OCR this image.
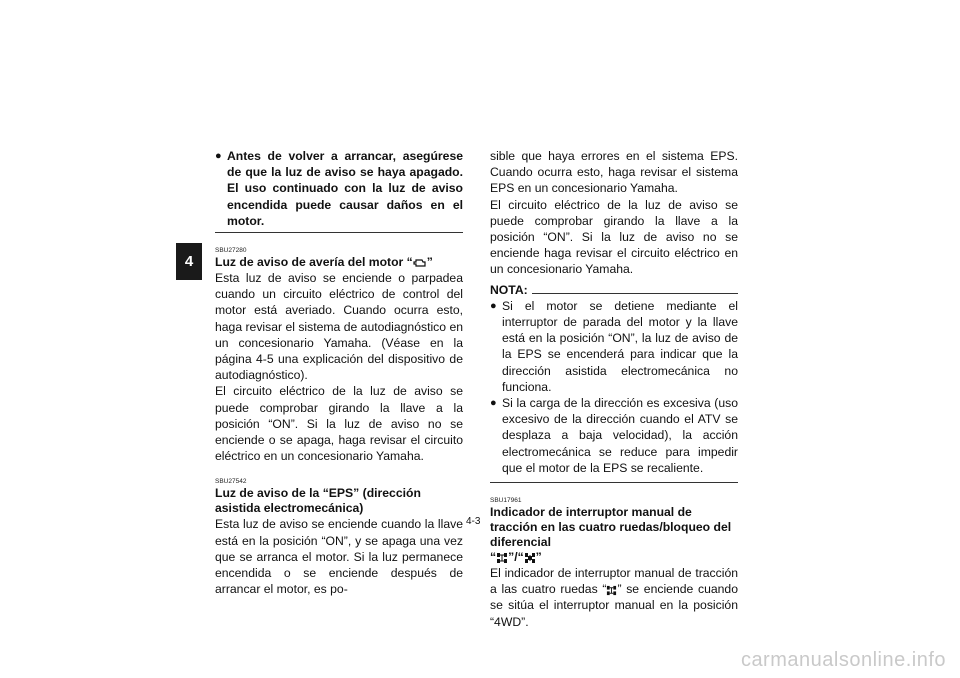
4
● Antes de volver a arrancar, asegúrese de que la luz de aviso se haya apagado. El uso continuado con la luz de aviso encendida puede causar daños en el motor.
SBU27280

Luz de aviso de avería del motor “ ”

Esta luz de aviso se enciende o parpadea cuando un circuito eléctrico de control del motor está averiado. Cuando ocurra esto, haga revisar el sistema de autodiagnóstico en un concesionario Yamaha. (Véase en la página 4-5 una explicación del dispositivo de autodiagnóstico).

El circuito eléctrico de la luz de aviso se puede comprobar girando la llave a la posición “ON”. Si la luz de aviso no se enciende o se apaga, haga revisar el circuito eléctrico en un concesionario Yamaha.

SBU27542

Luz de aviso de la “EPS” (dirección asistida electromecánica)

Esta luz de aviso se enciende cuando la llave está en la posición “ON”, y se apaga una vez que se arranca el motor. Si la luz permanece encendida o se enciende después de arrancar el motor, es po-

sible que haya errores en el sistema EPS. Cuando ocurra esto, haga revisar el sistema EPS en un concesionario Yamaha.

El circuito eléctrico de la luz de aviso se puede comprobar girando la llave a la posición “ON”. Si la luz de aviso no se enciende haga revisar el circuito eléctrico en un concesionario Yamaha.

NOTA:
● Si el motor se detiene mediante el interruptor de parada del motor y la llave está en la posición “ON”, la luz de aviso de la EPS se encenderá para indicar que la dirección asistida electromecánica no funciona.
● Si la carga de la dirección es excesiva (uso excesivo de la dirección cuando el ATV se desplaza a baja velocidad), la acción electromecánica se reduce para impedir que el motor de la EPS se recaliente.
SBU17961

Indicador de interruptor manual de tracción en las cuatro ruedas/bloqueo del diferencial

“ ”/“ ”

El indicador de interruptor manual de tracción a las cuatro ruedas “ ” se enciende cuando se sitúa el interruptor manual en la posición “4WD”.

4-3
carmanualsonline.info
